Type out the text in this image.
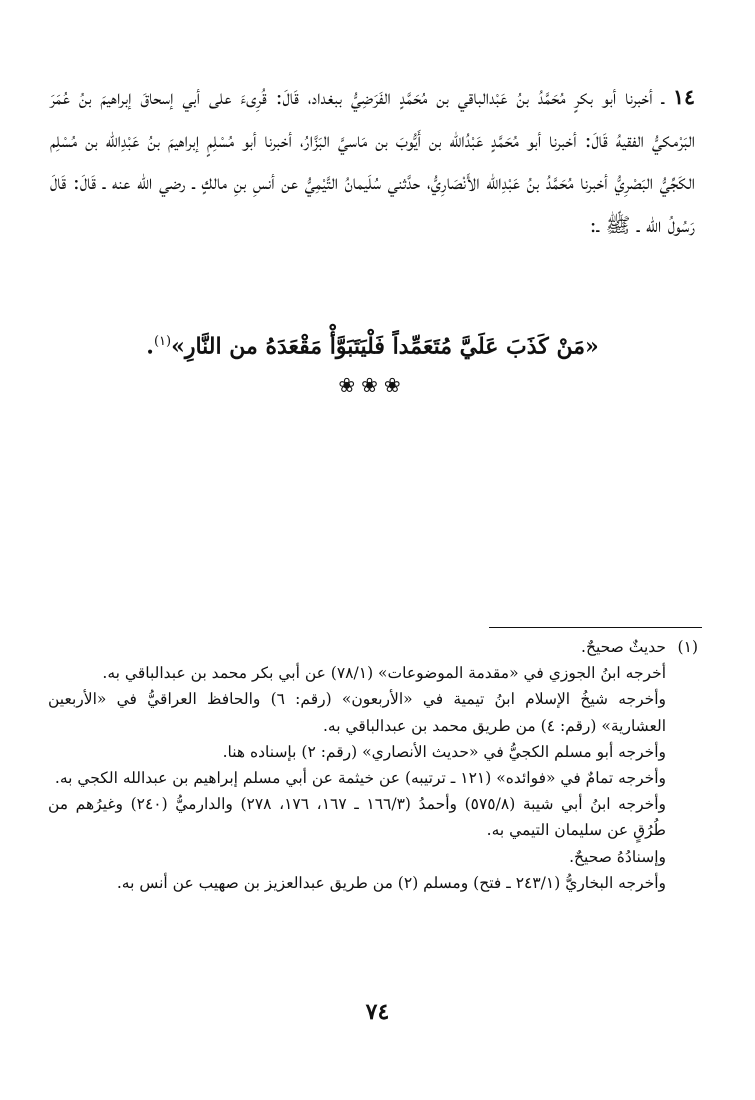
١٤ ـ أخبرنا أبو بكرٍ مُحَمَّدُ بنُ عَبْدالباقي بن مُحَمَّدٍ الفَرَضِيُّ ببغداد، قَالَ: قُرِىءَ على أبي إسحاقَ إبراهيمَ بنُ عُمَرَ البَرْمكيُّ الفقيهُ قَالَ: أخبرنا أبو مُحَمَّدٍ عَبْدُالله بن أَيُّوبَ بن مَاسيَّ البَزَّارُ، أخبرنا أبو مُسْلِمٍ إبراهيمَ بنُ عَبْدِالله بن مُسْلِم الكَجِّيُّ البَصْرِيُّ أخبرنا مُحَمَّدُ بنُ عَبْدِالله الأَنْصَارِيُّ، حدَّثني سُلَيمانُ التَّيْمِيُّ عن أنسِ بنِ مالكٍ ـ رضي الله عنه ـ قَالَ: قَالَ رَسُولُ الله ـ ﷺ ـ:

«مَنْ كَذَبَ عَلَيَّ مُتَعَمِّداً فَلْيَتَبَوَّأْ مَقْعَدَهُ من النَّارِ»$^{(١)}$.
❀❀❀
(١)

حديثٌ صحيحٌ.

أخرجه ابنُ الجوزي في «مقدمة الموضوعات» (٧٨/١) عن أبي بكر محمد بن عبدالباقي به.

وأخرجه شيخُ الإسلام ابنُ تيمية في «الأربعون» (رقم: ٦) والحافظ العراقيُّ في «الأربعين العشارية» (رقم: ٤) من طريق محمد بن عبدالباقي به.

وأخرجه أبو مسلم الكجيُّ في «حديث الأنصاري» (رقم: ٢) بإسناده هنا.

وأخرجه تمامٌ في «فوائده» (١٢١ ـ ترتيبه) عن خيثمة عن أبي مسلم إبراهيم بن عبدالله الكجي به.

وأخرجه ابنُ أبي شيبة (٥٧٥/٨) وأحمدُ (١٦٦/٣ ـ ١٦٧، ١٧٦، ٢٧٨) والدارميُّ (٢٤٠) وغيرُهم من طُرُقٍ عن سليمان التيمي به.

وإسنادُهُ صحيحٌ.

وأخرجه البخاريُّ (٢٤٣/١ ـ فتح) ومسلم (٢) من طريق عبدالعزيز بن صهيب عن أنس به.

٧٤
